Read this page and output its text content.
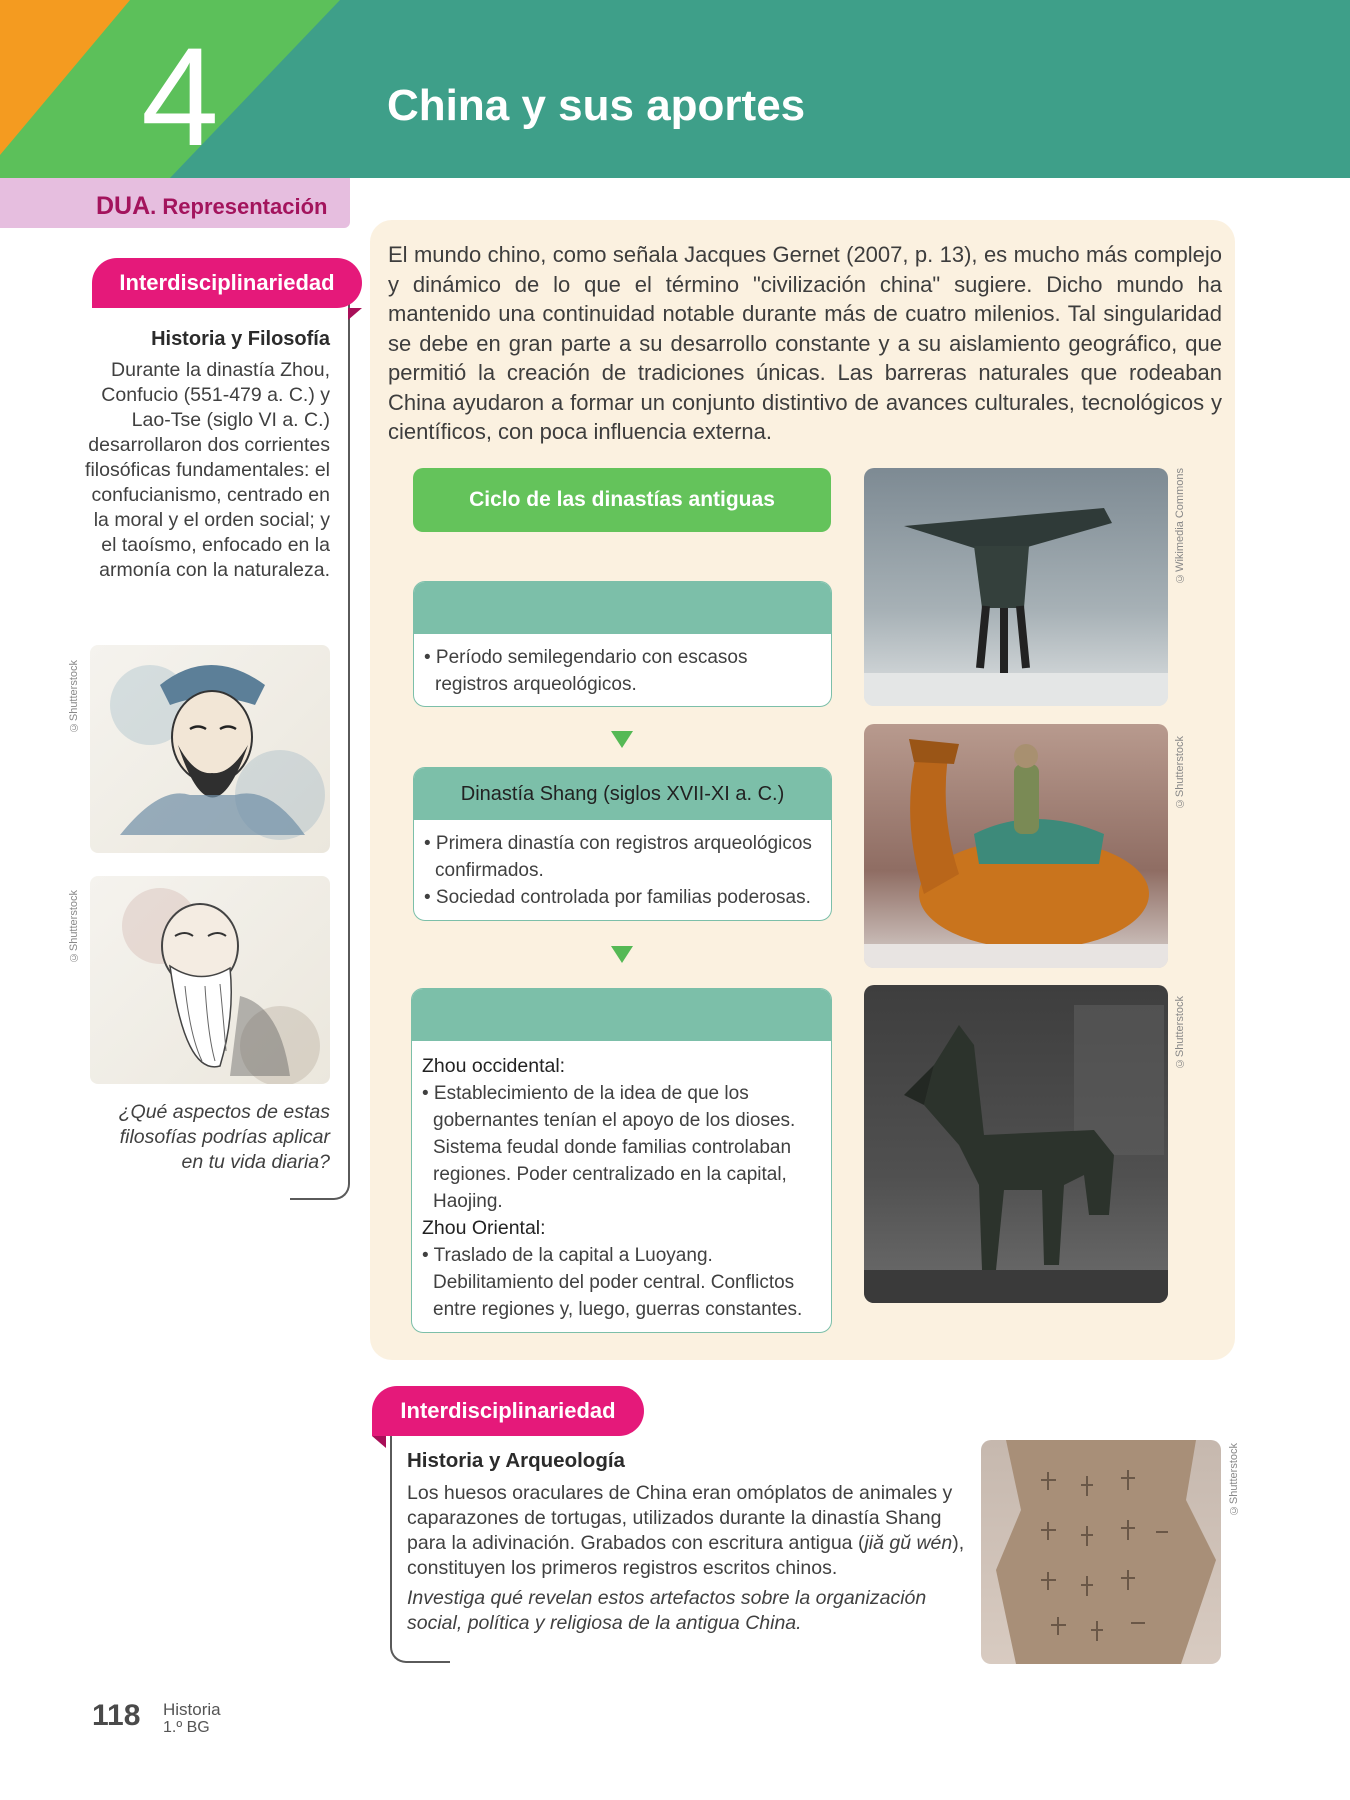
4	China y sus aportes
DUA. Representación
Interdisciplinariedad
Historia y Filosofía
Durante la dinastía Zhou, Confucio (551-479 a. C.) y Lao-Tse (siglo VI a. C.) desarrollaron dos corrientes filosóficas fundamentales: el confucianismo, centrado en la moral y el orden social; y el taoísmo, enfocado en la armonía con la naturaleza.
©Shutterstock
©Shutterstock
¿Qué aspectos de estas filosofías podrías aplicar en tu vida diaria?
El mundo chino, como señala Jacques Gernet (2007, p. 13), es mucho más complejo y dinámico de lo que el término "civilización china" sugiere. Dicho mundo ha mantenido una continuidad notable durante más de cuatro milenios. Tal singularidad se debe en gran parte a su desarrollo constante y a su aislamiento geográfico, que permitió la creación de tradiciones únicas. Las barreras naturales que rodeaban China ayudaron a formar un conjunto distintivo de avances culturales, tecnológicos y científicos, con poca influencia externa.
Ciclo de las dinastías antiguas
• Período semilegendario con escasos registros arqueológicos.
Dinastía Shang (siglos XVII-XI a. C.)
• Primera dinastía con registros arqueológicos confirmados.
• Sociedad controlada por familias poderosas.
Zhou occidental:
• Establecimiento de la idea de que los gobernantes tenían el apoyo de los dioses. Sistema feudal donde familias controlaban regiones. Poder centralizado en la capital, Haojing.
Zhou Oriental:
• Traslado de la capital a Luoyang. Debilitamiento del poder central. Conflictos entre regiones y, luego, guerras constantes.
©Wikimedia Commons
©Shutterstock
©Shutterstock
Interdisciplinariedad
Historia y Arqueología
Los huesos oraculares de China eran omóplatos de animales y caparazones de tortugas, utilizados durante la dinastía Shang para la adivinación. Grabados con escritura antigua (jiă gŭ wén), constituyen los primeros registros escritos chinos.
Investiga qué revelan estos artefactos sobre la organización social, política y religiosa de la antigua China.
©Shutterstock
118 Historia
1.º BG
